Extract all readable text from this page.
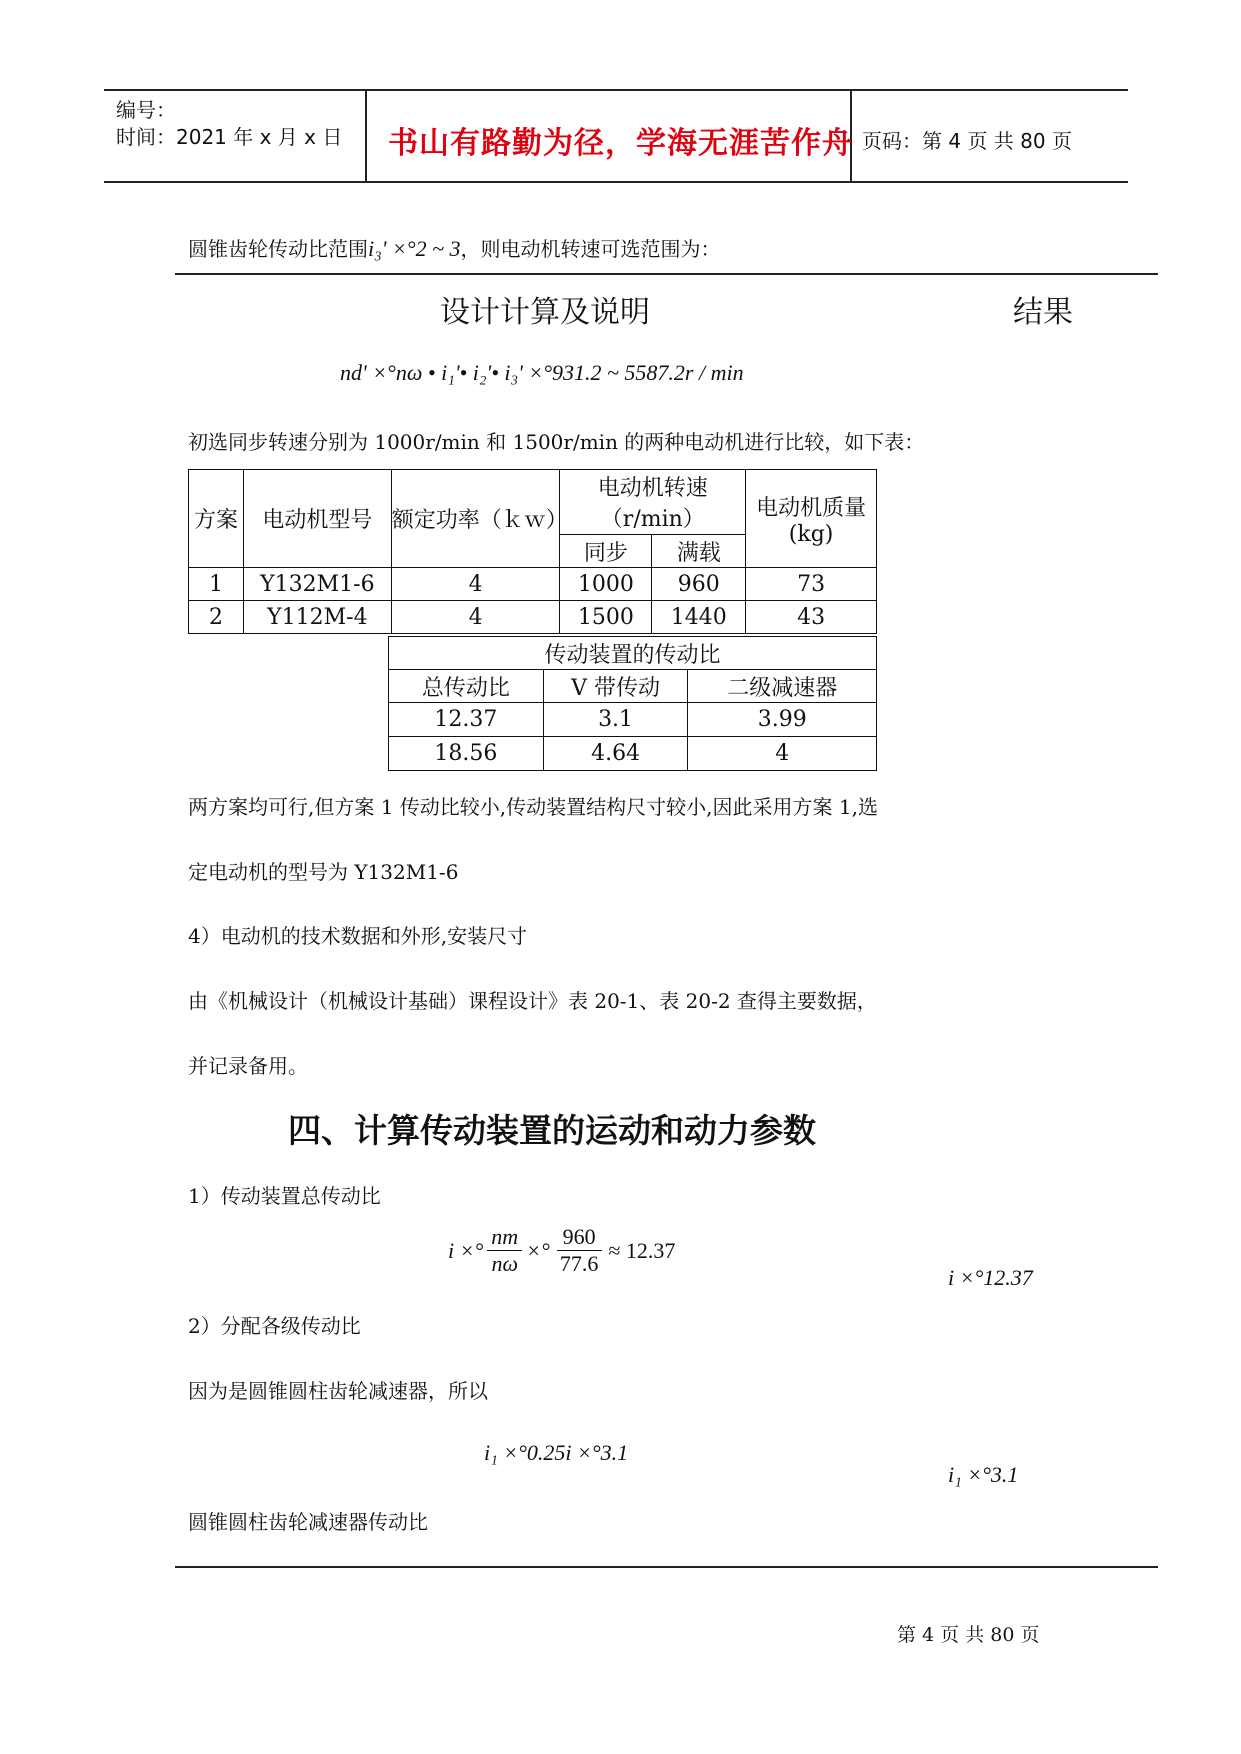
编号：
时间：2021 年 x 月 x 日 书山有路勤为径，学海无涯苦作舟 页码：第 4 页 共 80 页
圆锥齿轮传动比范围i₃' ×°2 ~ 3，则电动机转速可选范围为：
设计计算及说明	结果
nd' ×°nω • i₁'• i₂'• i₃' ×°931.2 ~ 5587.2r / min
初选同步转速分别为 1000r/min 和 1500r/min 的两种电动机进行比较，如下表：
方案	电动机型号	额定功率（ｋｗ）	电动机转速（r/min）		电动机质量(kg)
			同步	满载	
1	Y132M1-6	4	1000	960	73
2	Y112M-4	4	1500	1440	43
传动装置的传动比		
总传动比	V 带传动	二级减速器
12.37	3.1	3.99
18.56	4.64	4
两方案均可行,但方案 1 传动比较小,传动装置结构尺寸较小,因此采用方案 1,选
定电动机的型号为 Y132M1-6
4）电动机的技术数据和外形,安装尺寸
由《机械设计（机械设计基础）课程设计》表 20-1、表 20-2 查得主要数据，
并记录备用。
四、计算传动装置的运动和动力参数
1）传动装置总传动比
i ×° $\frac{nm}{n\omega}$ ×° $\frac{960}{77.6} \approx 12.37$
i ×°12.37
2）分配各级传动比
因为是圆锥圆柱齿轮减速器，所以
i₁ ×°0.25i ×°3.1
i₁ ×°3.1
圆锥圆柱齿轮减速器传动比
第 4 页 共 80 页
